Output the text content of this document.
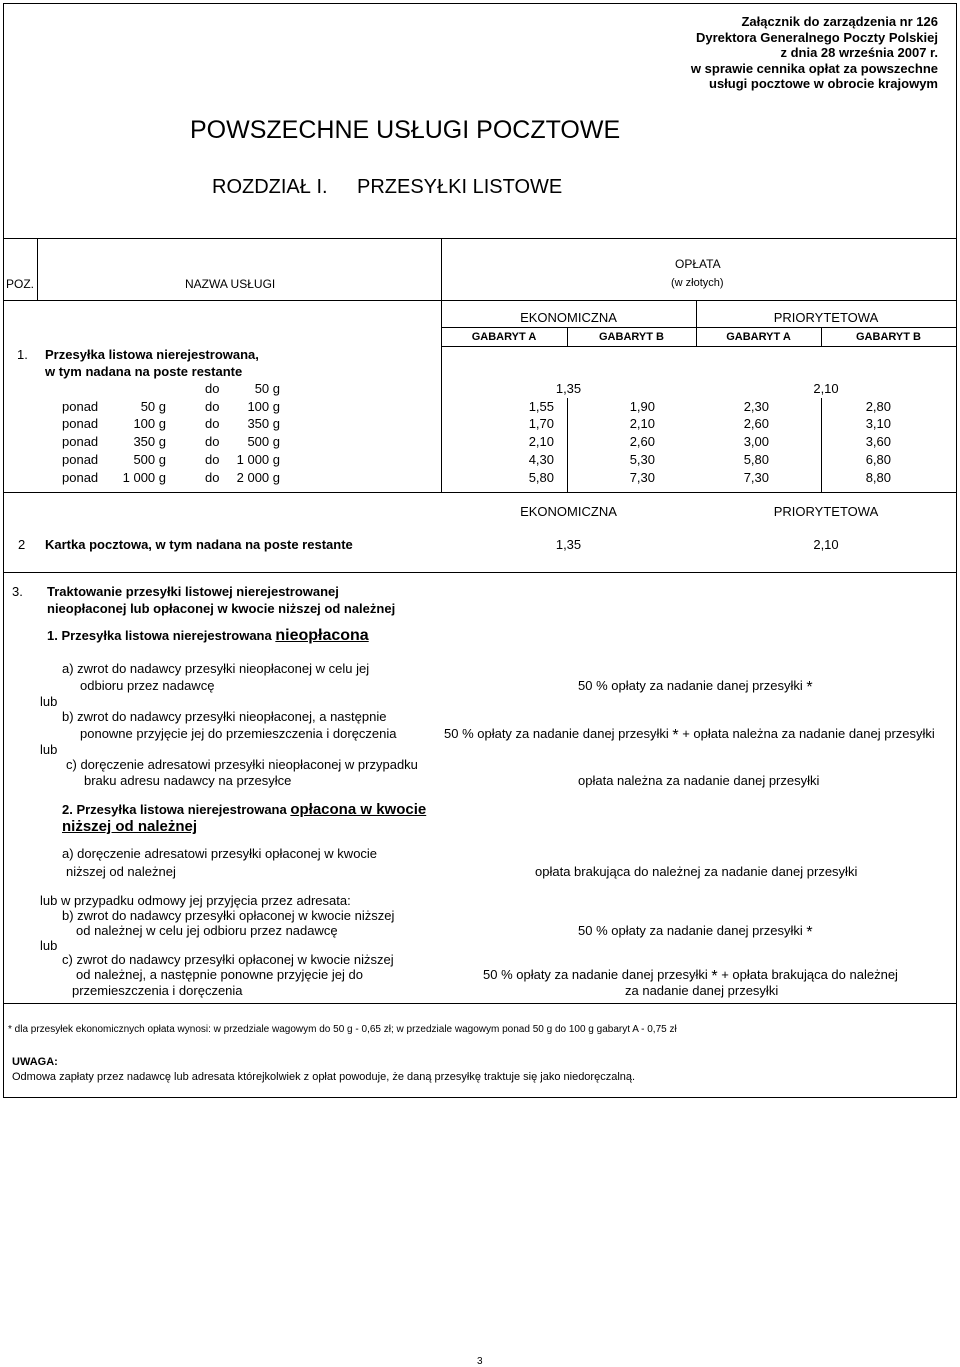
Załącznik do zarządzenia nr 126
Dyrektora Generalnego Poczty Polskiej
z dnia 28 września 2007 r.
w sprawie cennika opłat za powszechne
usługi pocztowe w obrocie krajowym
POWSZECHNE USŁUGI POCZTOWE
ROZDZIAŁ I. PRZESYŁKI LISTOWE
POZ.	NAZWA USŁUGI
OPŁATA
(w złotych)
EKONOMICZNA	PRIORYTETOWA
GABARYT A	GABARYT B	GABARYT A	GABARYT B
1. Przesyłka listowa nierejestrowana,
w tym nadana na poste restante
do	50 g	1,35	2,10
ponad	50 g	do	100 g	1,55	1,90	2,30	2,80
ponad	100 g	do	350 g	1,70	2,10	2,60	3,10
ponad	350 g	do	500 g	2,10	2,60	3,00	3,60
ponad	500 g	do	1 000 g	4,30	5,30	5,80	6,80
ponad	1 000 g	do	2 000 g	5,80	7,30	7,30	8,80
EKONOMICZNA	PRIORYTETOWA
2 Kartka pocztowa, w tym nadana na poste restante	1,35	2,10
3. Traktowanie przesyłki listowej nierejestrowanej
nieopłaconej lub opłaconej w kwocie niższej od należnej
1. Przesyłka listowa nierejestrowana nieopłacona
a) zwrot do nadawcy przesyłki nieopłaconej w celu jej
odbioru przez nadawcę	50 % opłaty za nadanie danej przesyłki *
lub
b) zwrot do nadawcy przesyłki nieopłaconej, a następnie
ponowne przyjęcie jej do przemieszczenia i doręczenia	50 % opłaty za nadanie danej przesyłki * + opłata należna za nadanie danej przesyłki
lub
c) doręczenie adresatowi przesyłki nieopłaconej w przypadku
braku adresu nadawcy na przesyłce	opłata należna za nadanie danej przesyłki
2. Przesyłka listowa nierejestrowana opłacona w kwocie
niższej od należnej
a) doręczenie adresatowi przesyłki opłaconej w kwocie
niższej od należnej	opłata brakująca do należnej za nadanie danej przesyłki
lub w przypadku odmowy jej przyjęcia przez adresata:
b) zwrot do nadawcy przesyłki opłaconej w kwocie niższej
od należnej w celu jej odbioru przez nadawcę	50 % opłaty za nadanie danej przesyłki *
lub
c) zwrot do nadawcy przesyłki opłaconej w kwocie niższej
od należnej, a następnie ponowne przyjęcie jej do
przemieszczenia i doręczenia
50 % opłaty za nadanie danej przesyłki * + opłata brakująca do należnej
za nadanie danej przesyłki
* dla przesyłek ekonomicznych opłata wynosi: w przedziale wagowym do 50 g - 0,65 zł; w przedziale wagowym ponad 50 g do 100 g gabaryt A - 0,75 zł
UWAGA:
Odmowa zapłaty przez nadawcę lub adresata którejkolwiek z opłat powoduje, że daną przesyłkę traktuje się jako niedoręczalną.
3
